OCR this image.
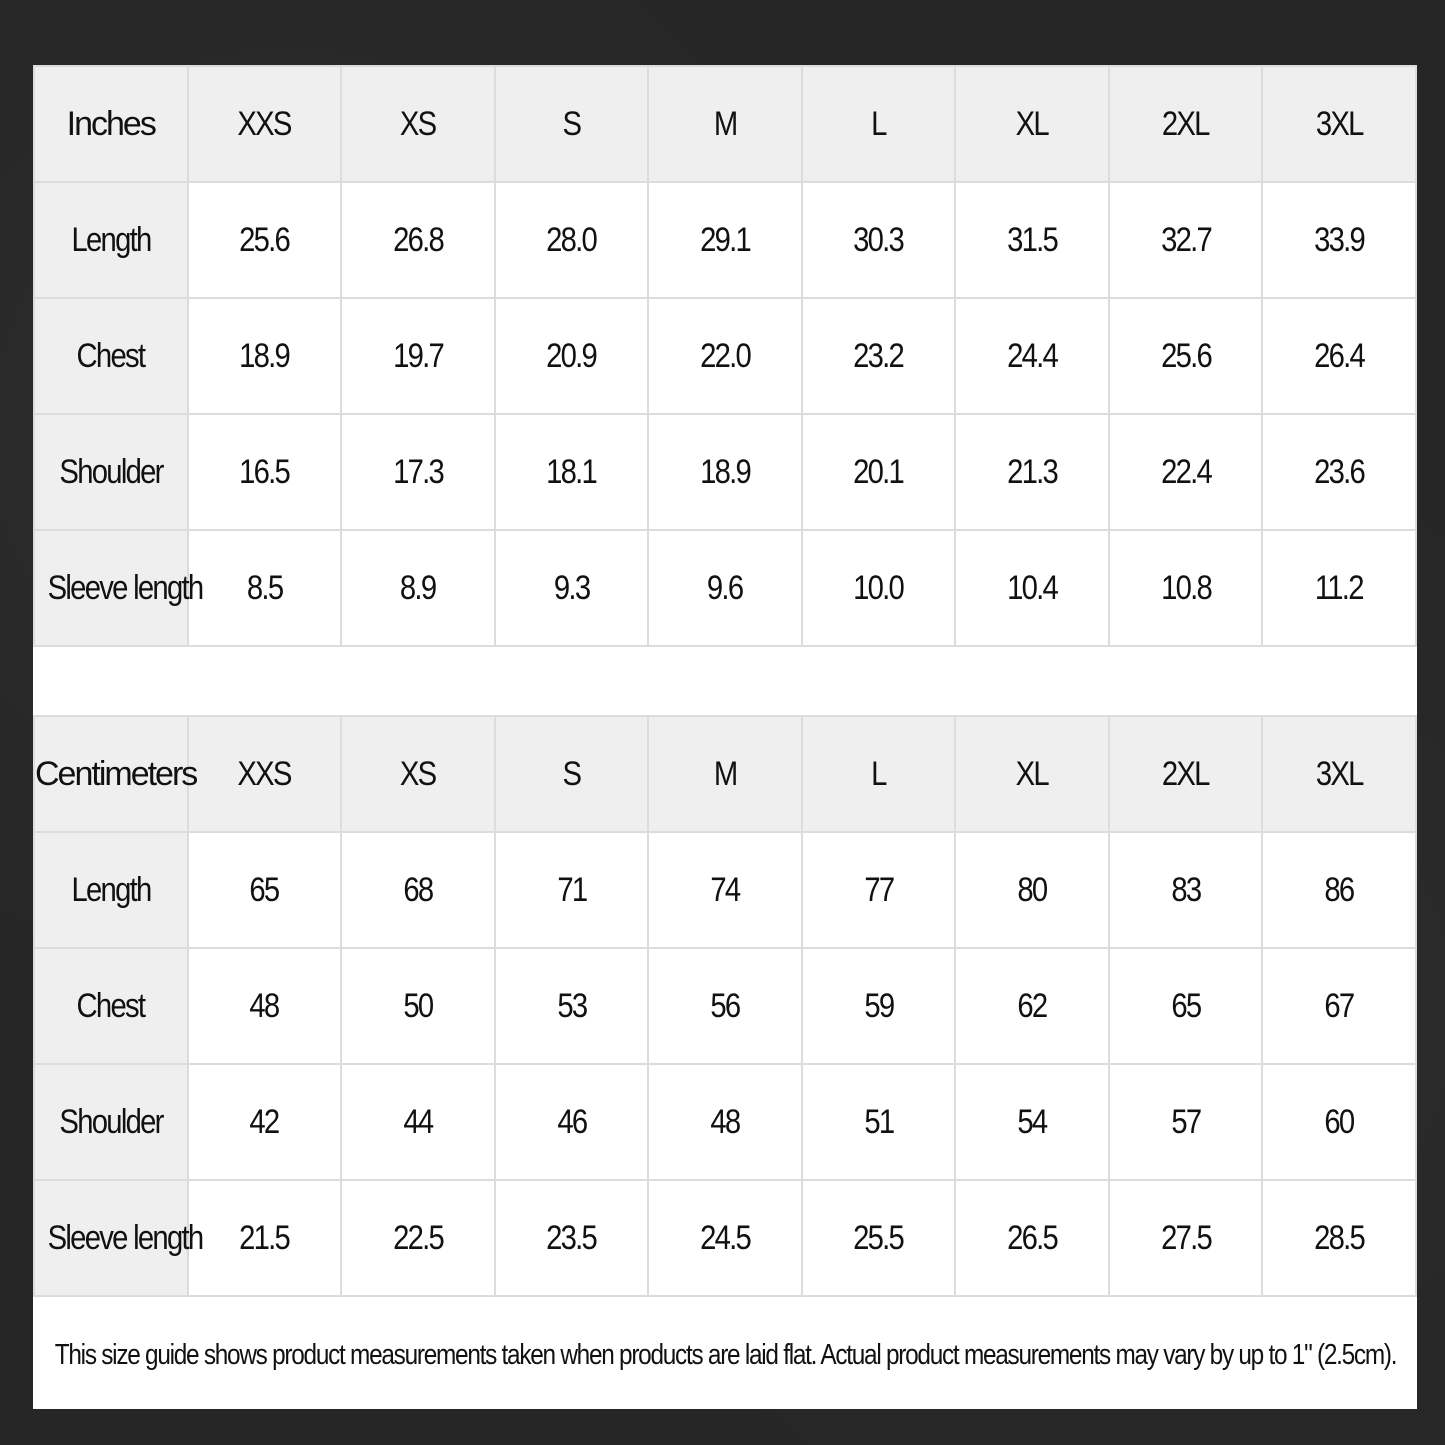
Inches	XXS	XS	S	M	L	XL	2XL	3XL
Length	25.6	26.8	28.0	29.1	30.3	31.5	32.7	33.9
Chest	18.9	19.7	20.9	22.0	23.2	24.4	25.6	26.4
Shoulder	16.5	17.3	18.1	18.9	20.1	21.3	22.4	23.6
Sleeve length	8.5	8.9	9.3	9.6	10.0	10.4	10.8	11.2
Centimeters	XXS	XS	S	M	L	XL	2XL	3XL
Length	65	68	71	74	77	80	83	86
Chest	48	50	53	56	59	62	65	67
Shoulder	42	44	46	48	51	54	57	60
Sleeve length	21.5	22.5	23.5	24.5	25.5	26.5	27.5	28.5
This size guide shows product measurements taken when products are laid flat. Actual product measurements may vary by up to 1" (2.5cm).
